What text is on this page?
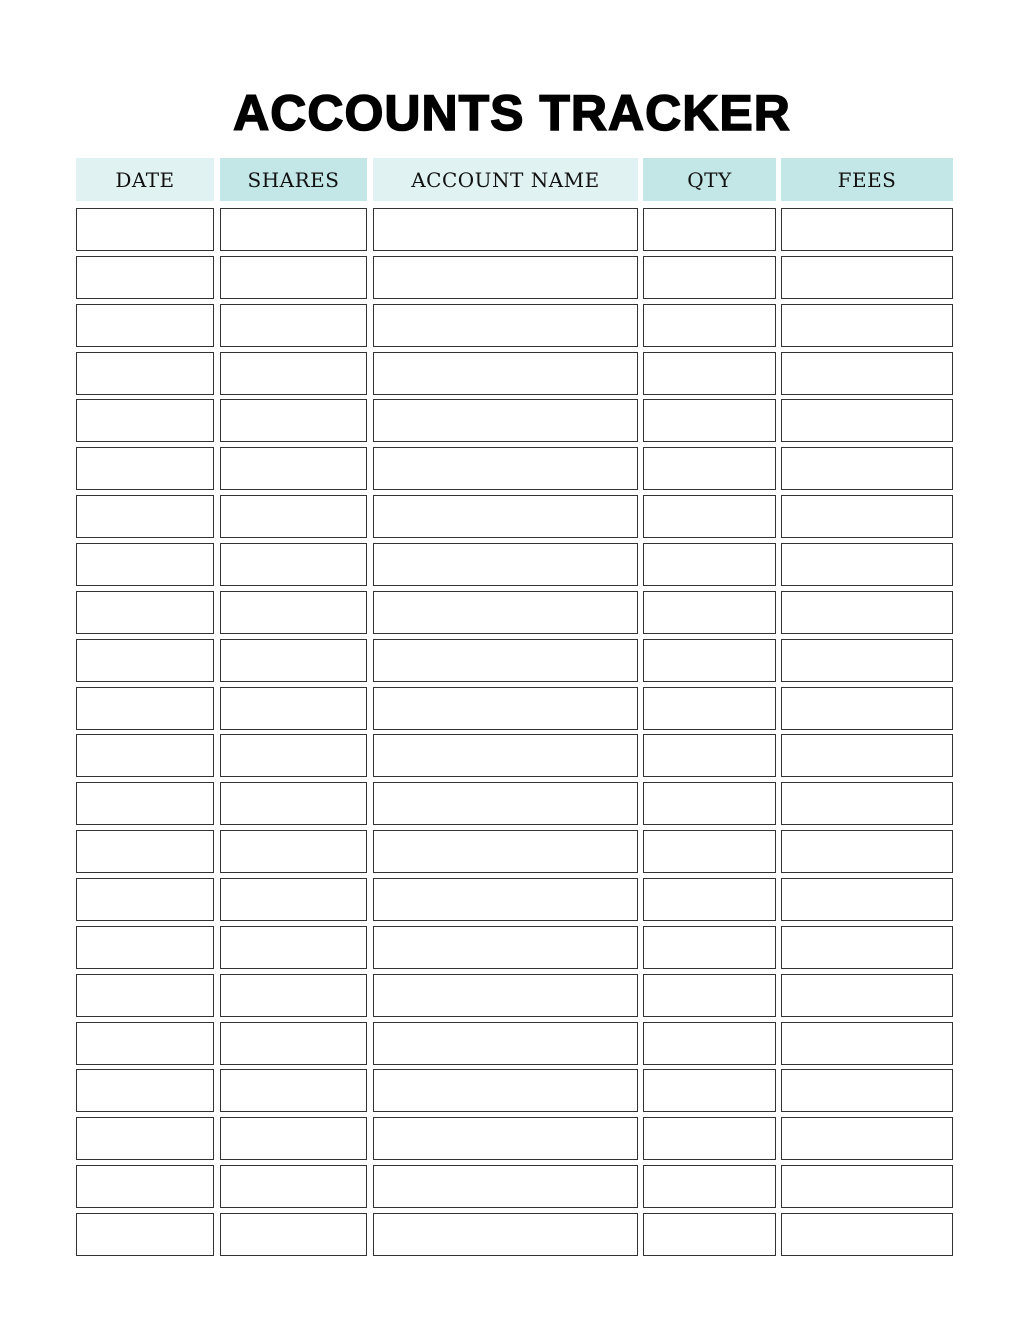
ACCOUNTS TRACKER
DATE	SHARES	ACCOUNT NAME	QTY	FEES
